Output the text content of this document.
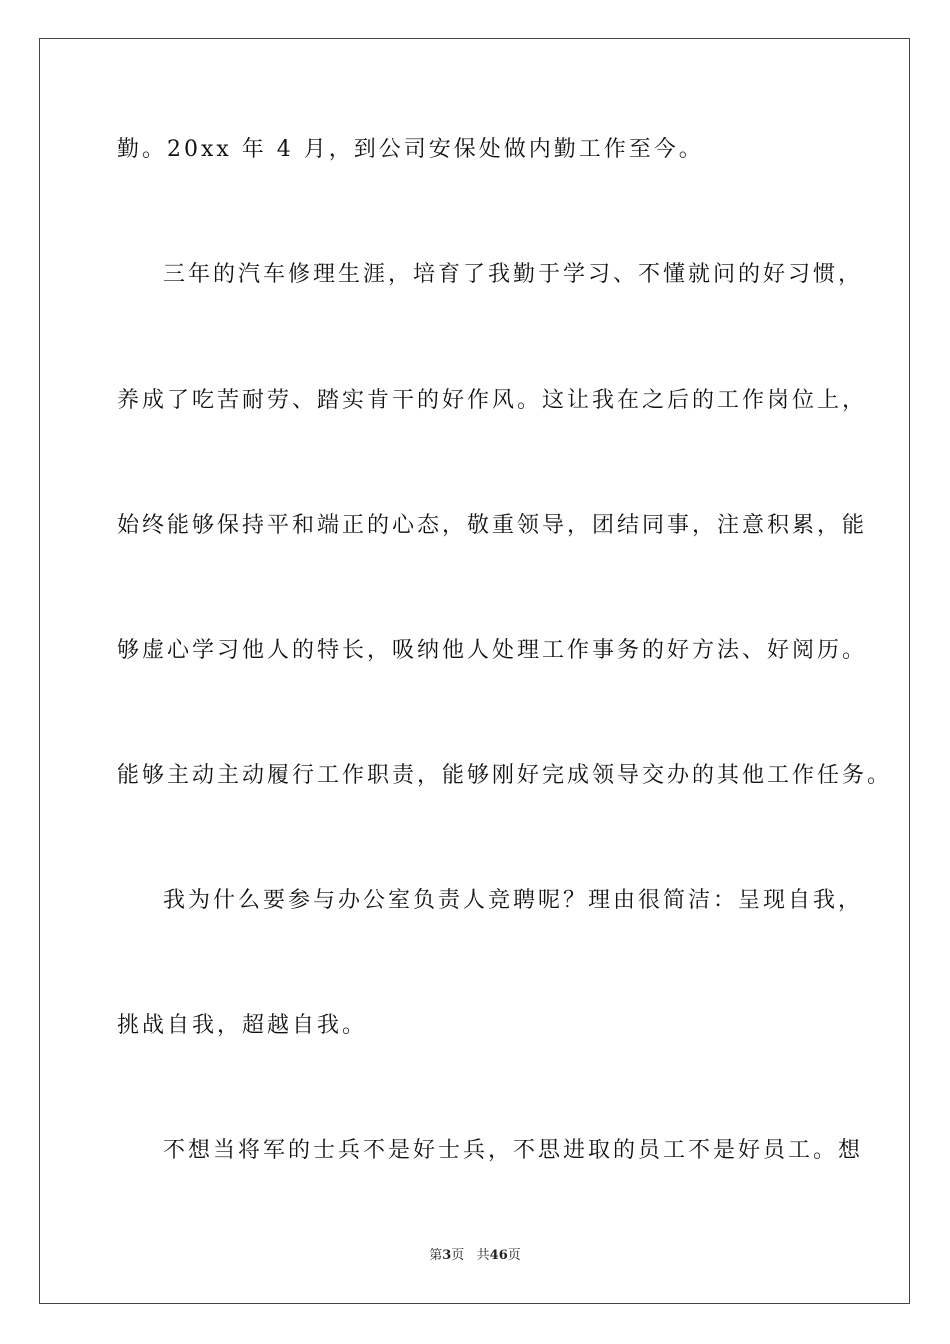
勤。20xx 年 4 月，到公司安保处做内勤工作至今。
三年的汽车修理生涯，培育了我勤于学习、不懂就问的好习惯，
养成了吃苦耐劳、踏实肯干的好作风。这让我在之后的工作岗位上，
始终能够保持平和端正的心态，敬重领导，团结同事，注意积累，能
够虚心学习他人的特长，吸纳他人处理工作事务的好方法、好阅历。
能够主动主动履行工作职责，能够刚好完成领导交办的其他工作任务。
我为什么要参与办公室负责人竞聘呢？理由很简洁：呈现自我，
挑战自我，超越自我。
不想当将军的士兵不是好士兵，不思进取的员工不是好员工。想
第3页   共46页
